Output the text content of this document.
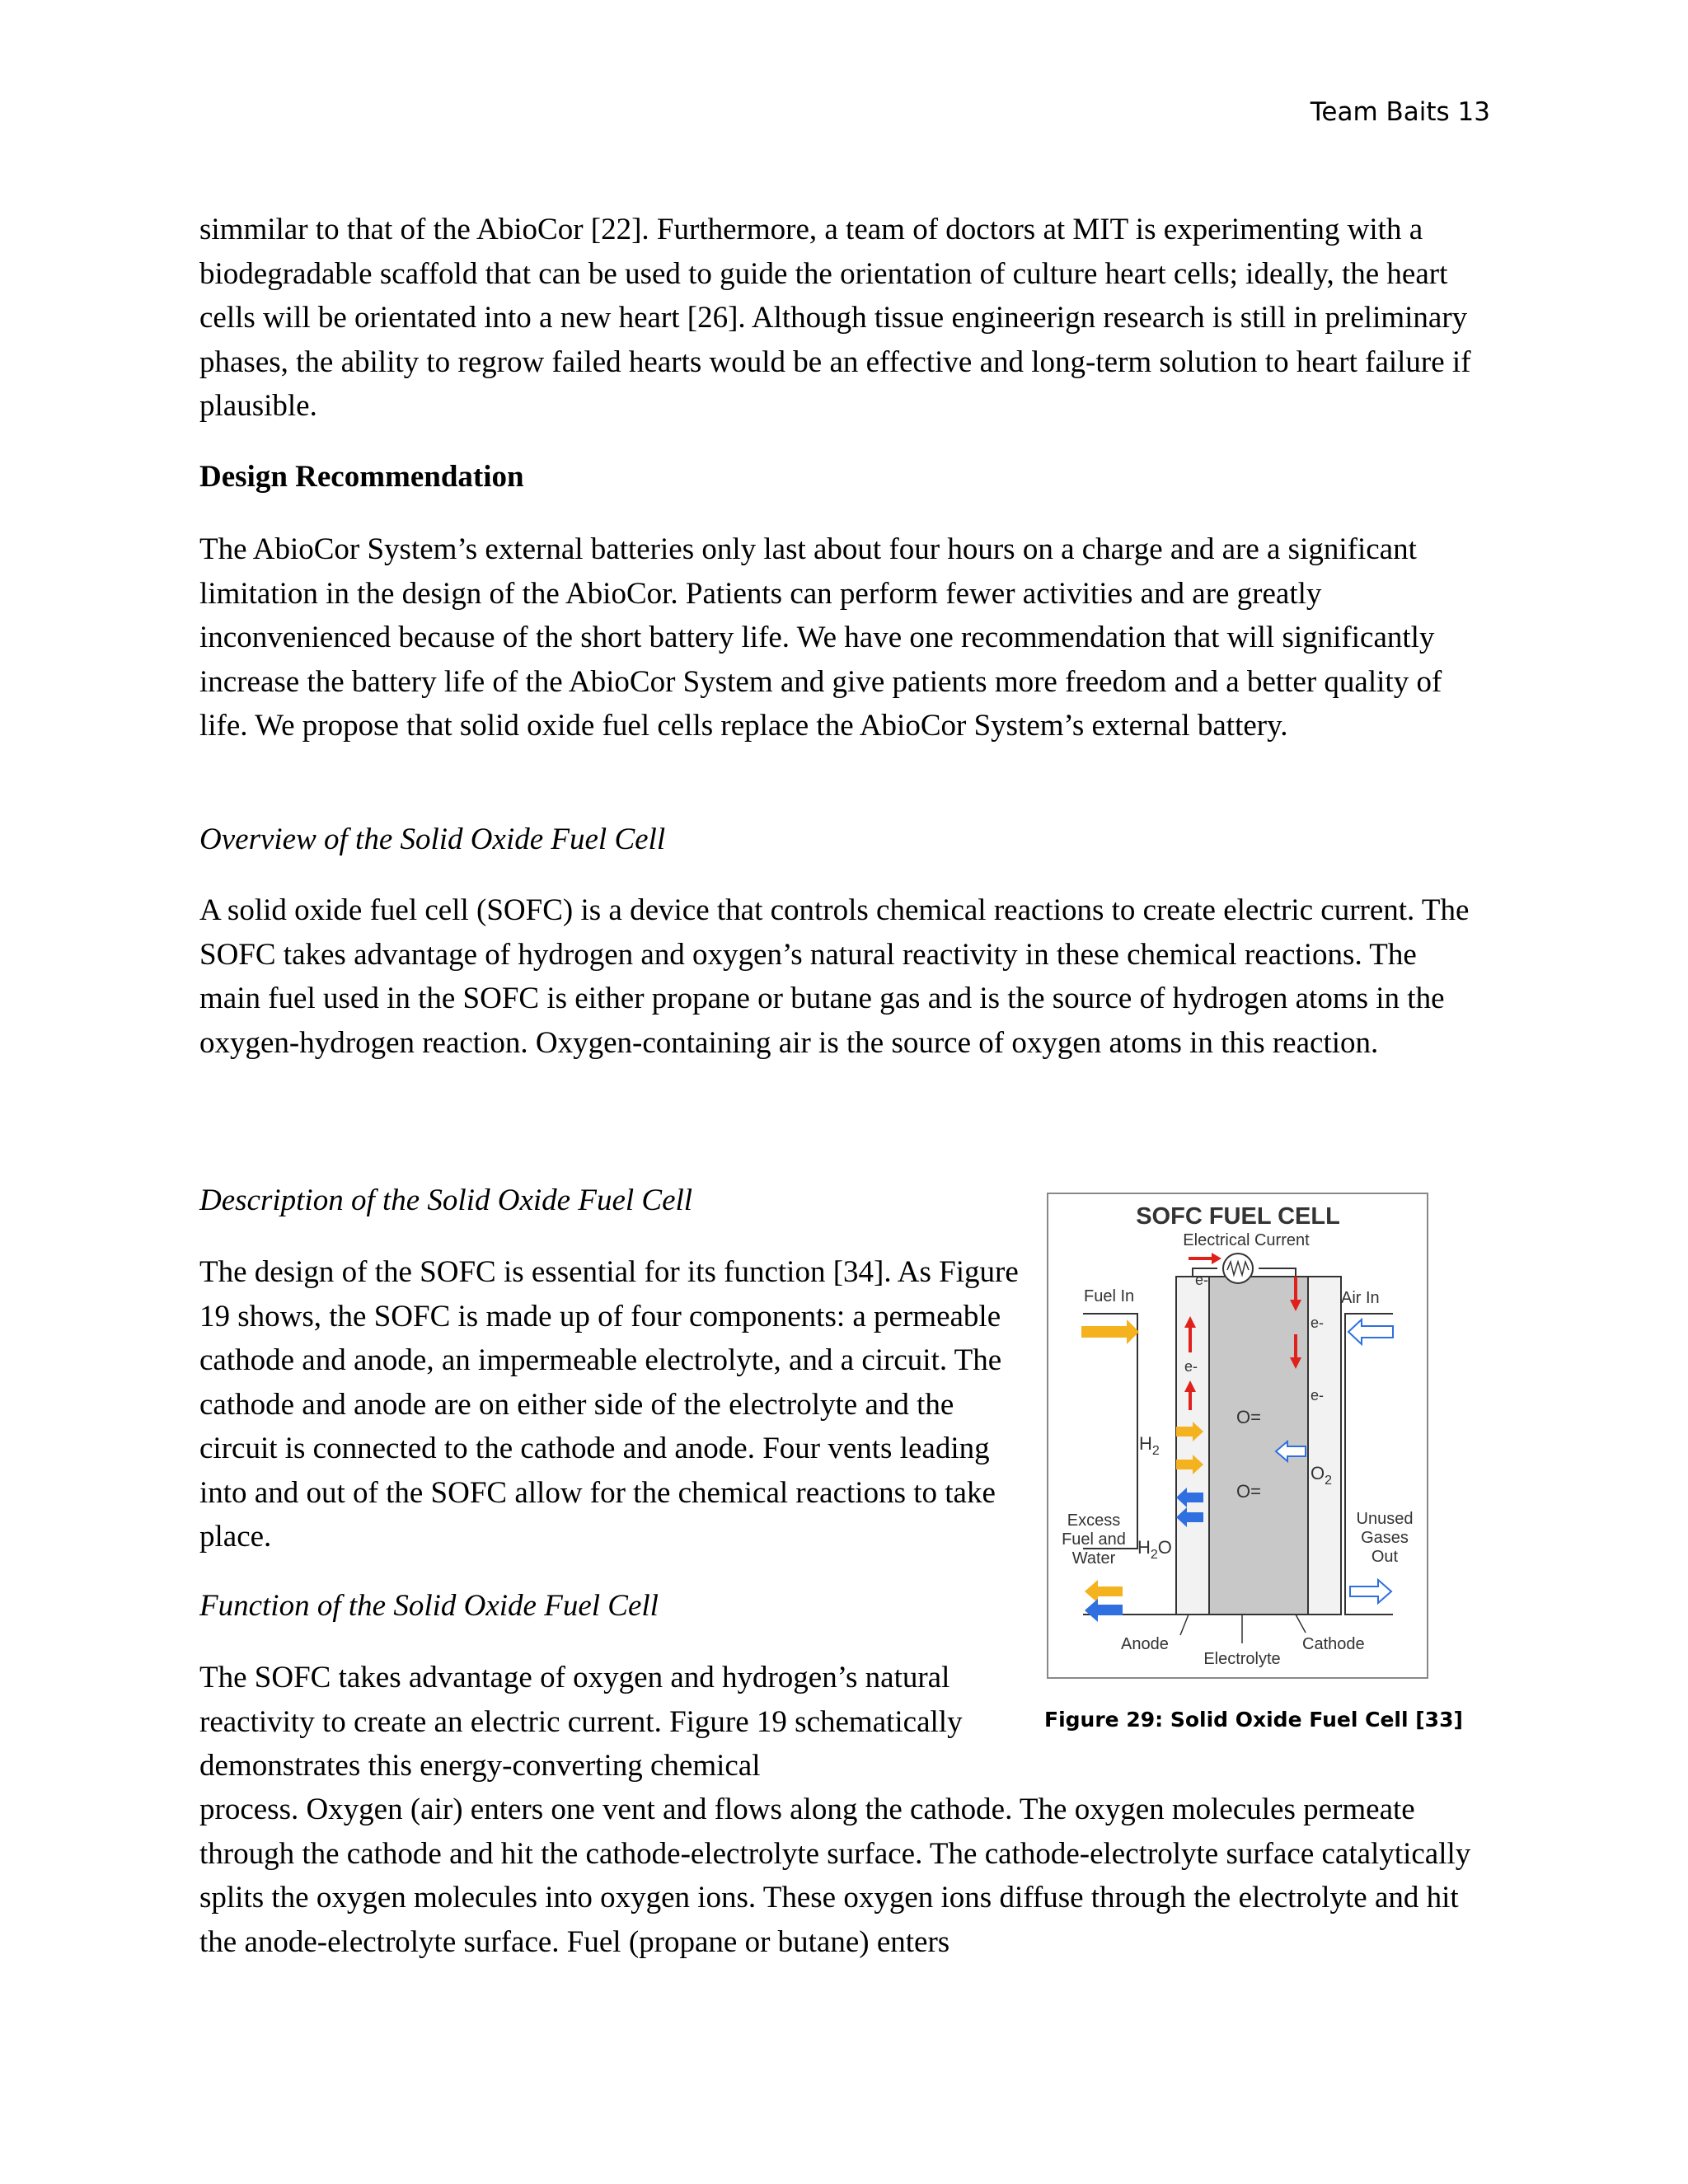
Team Baits 13

simmilar to that of the AbioCor [22]. Furthermore, a team of doctors at MIT is experimenting with a biodegradable scaffold that can be used to guide the orientation of culture heart cells; ideally, the heart cells will be orientated into a new heart [26]. Although tissue engineerign research is still in preliminary phases, the ability to regrow failed hearts would be an effective and long-term solution to heart failure if plausible.

Design Recommendation

The AbioCor System’s external batteries only last about four hours on a charge and are a significant limitation in the design of the AbioCor. Patients can perform fewer activities and are greatly inconvenienced because of the short battery life. We have one recommendation that will significantly increase the battery life of the AbioCor System and give patients more freedom and a better quality of life. We propose that solid oxide fuel cells replace the AbioCor System’s external battery.

Overview of the Solid Oxide Fuel Cell

A solid oxide fuel cell (SOFC) is a device that controls chemical reactions to create electric current. The SOFC takes advantage of hydrogen and oxygen’s natural reactivity in these chemical reactions. The main fuel used in the SOFC is either propane or butane gas and is the source of hydrogen atoms in the oxygen-hydrogen reaction. Oxygen-containing air is the source of oxygen atoms in this reaction.

Description of the Solid Oxide Fuel Cell

The design of the SOFC is essential for its function [34]. As Figure 19 shows, the SOFC is made up of four components: a permeable cathode and anode, an impermeable electrolyte, and a circuit. The cathode and anode are on either side of the electrolyte and the circuit is connected to the cathode and anode. Four vents leading into and out of the SOFC allow for the chemical reactions to take place.

Function of the Solid Oxide Fuel Cell

The SOFC takes advantage of oxygen and hydrogen’s natural reactivity to create an electric current. Figure 19 schematically demonstrates this energy-converting chemical

process. Oxygen (air) enters one vent and flows along the cathode. The oxygen molecules permeate through the cathode and hit the cathode-electrolyte surface. The cathode-electrolyte surface catalytically splits the oxygen molecules into oxygen ions. These oxygen ions diffuse through the electrolyte and hit the anode-electrolyte surface. Fuel (propane or butane) enters

SOFC FUEL CELL
Electrical Current
e-
Fuel In	Air In
e-
e-
e-
O=
O=
$H_2$
$O_2$
$H_2O$
Excess
Fuel and
Water
Unused
Gases
Out
Anode
Electrolyte
Cathode
Figure 29: Solid Oxide Fuel Cell [33]
